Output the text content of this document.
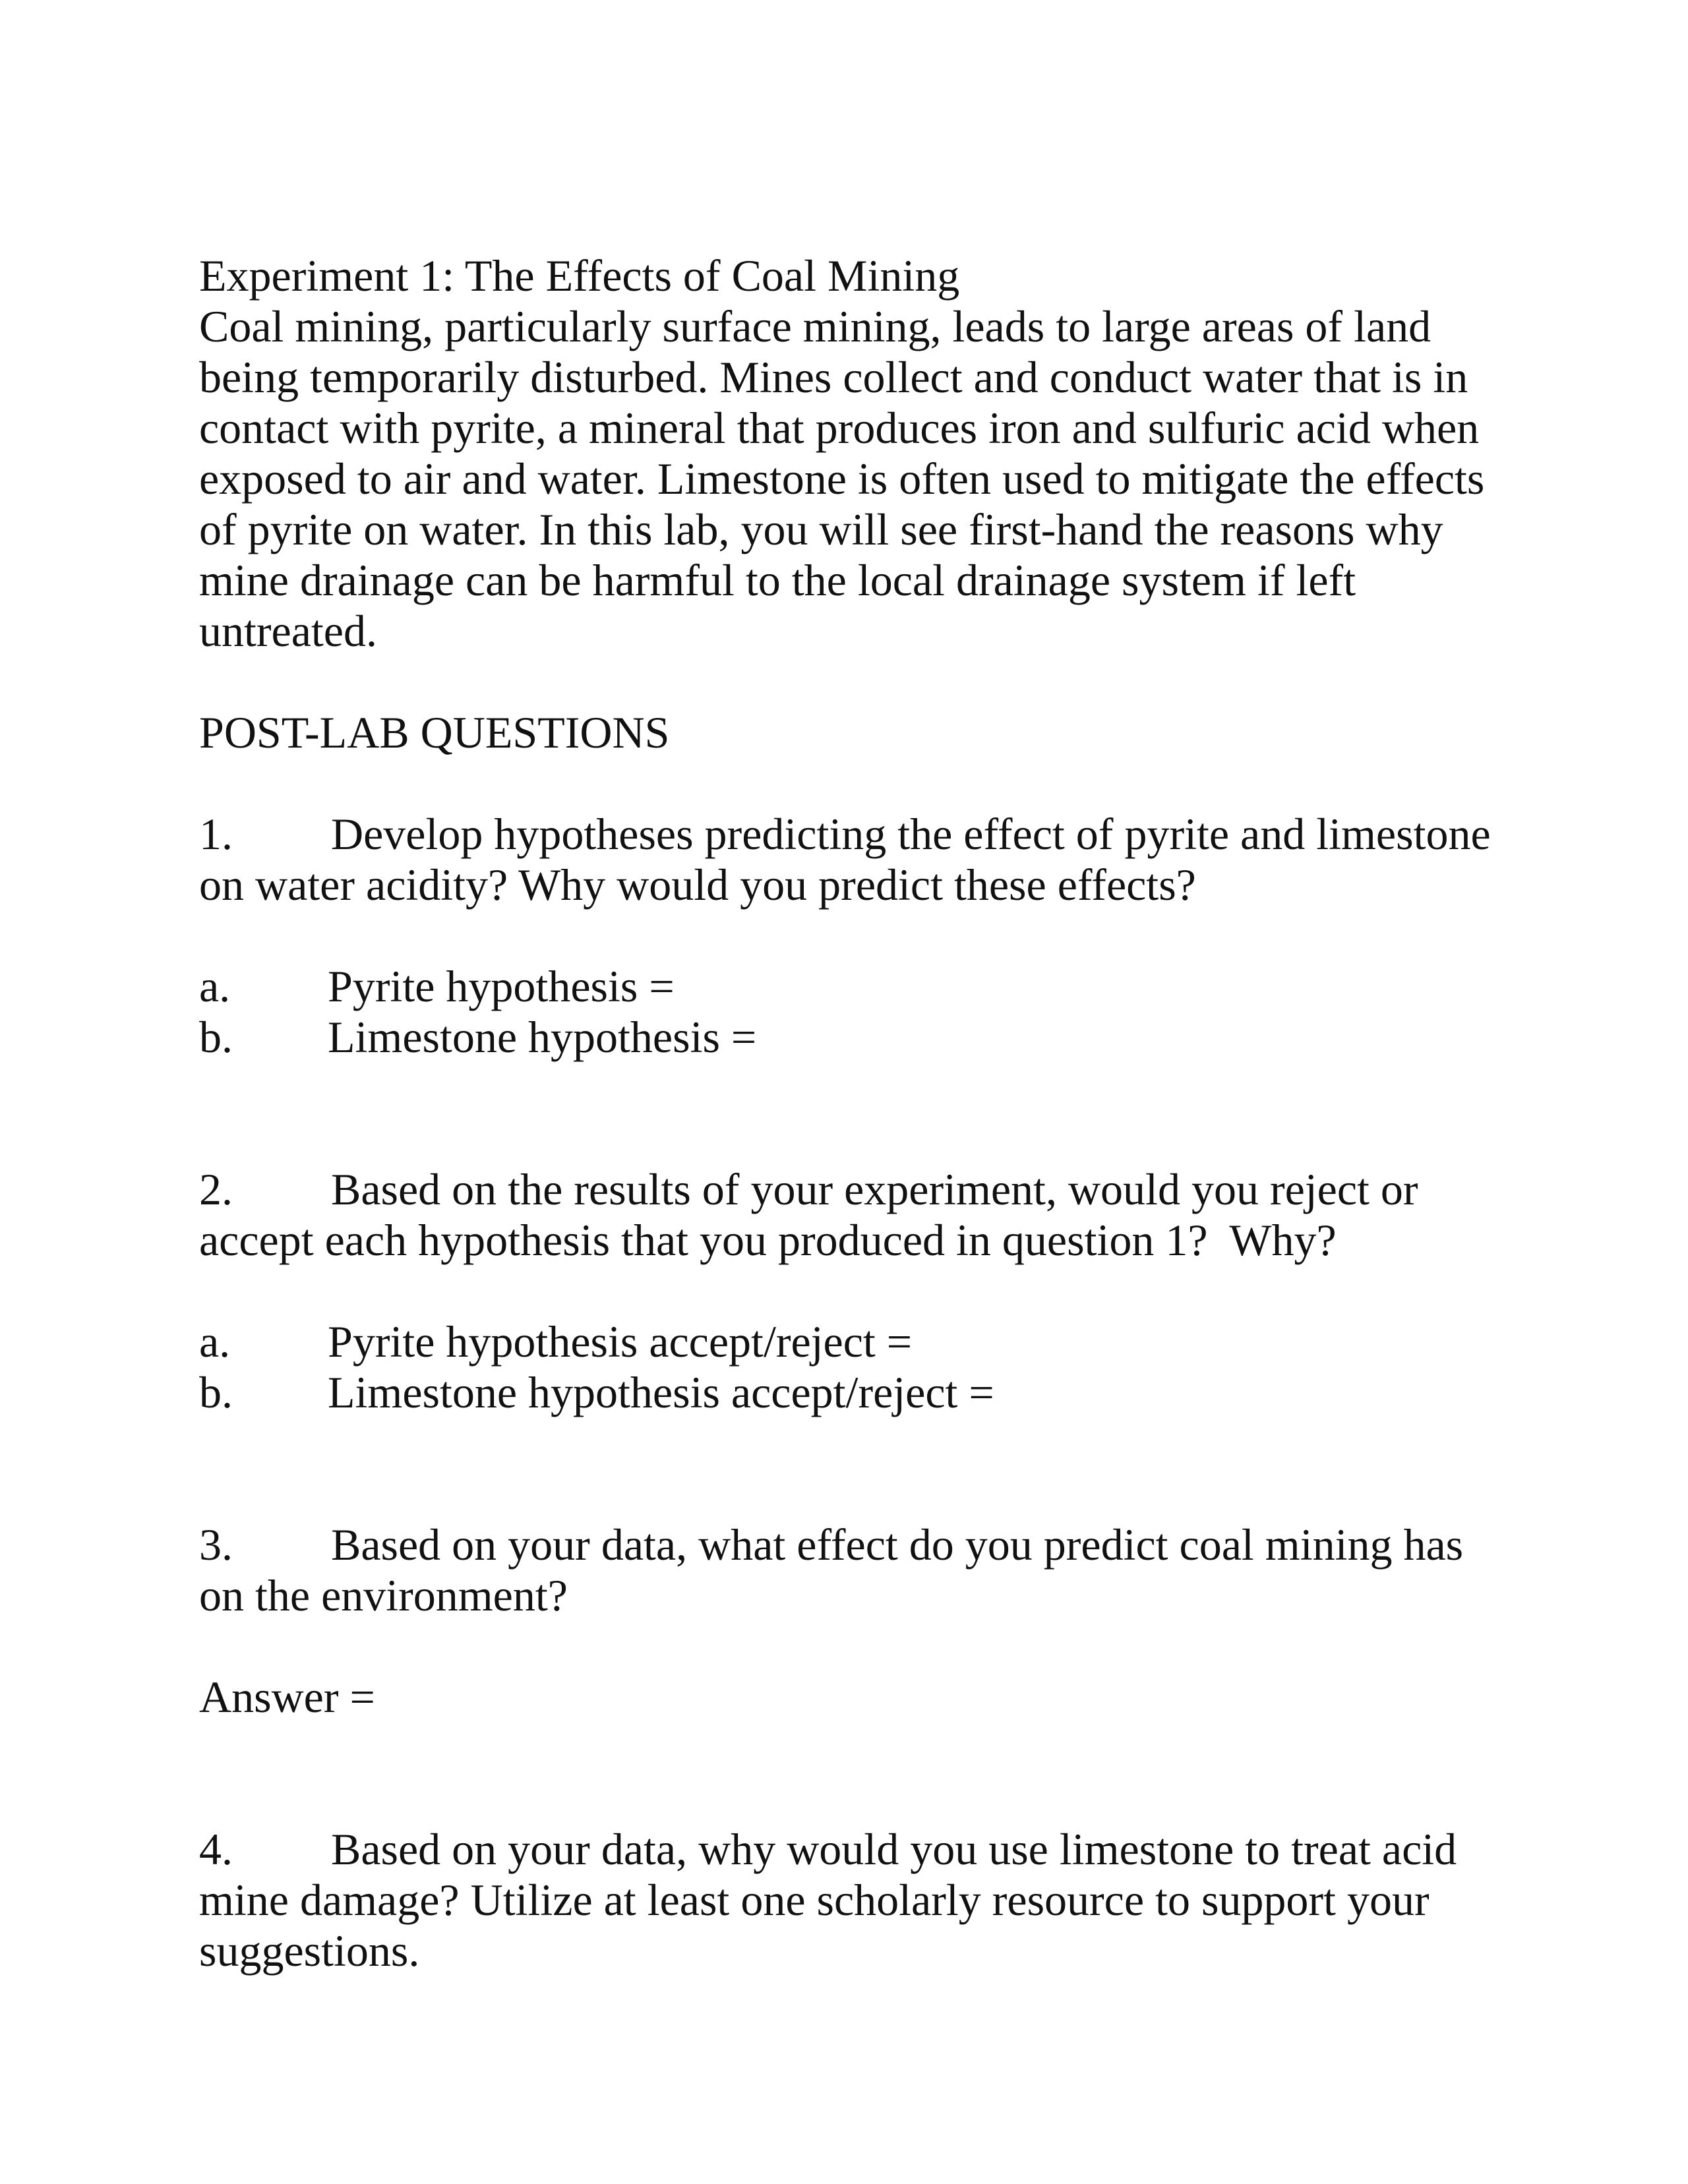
Experiment 1: The Effects of Coal Mining

Coal mining, particularly surface mining, leads to large areas of land

being temporarily disturbed. Mines collect and conduct water that is in

contact with pyrite, a mineral that produces iron and sulfuric acid when

exposed to air and water. Limestone is often used to mitigate the effects

of pyrite on water. In this lab, you will see first-hand the reasons why

mine drainage can be harmful to the local drainage system if left

untreated.

POST-LAB QUESTIONS

1. Develop hypotheses predicting the effect of pyrite and limestone

on water acidity? Why would you predict these effects?

a. Pyrite hypothesis =
b. Limestone hypothesis =

2. Based on the results of your experiment, would you reject or

accept each hypothesis that you produced in question 1?  Why?

a. Pyrite hypothesis accept/reject =
b. Limestone hypothesis accept/reject =

3. Based on your data, what effect do you predict coal mining has

on the environment?

Answer =

4. Based on your data, why would you use limestone to treat acid

mine damage? Utilize at least one scholarly resource to support your

suggestions.
